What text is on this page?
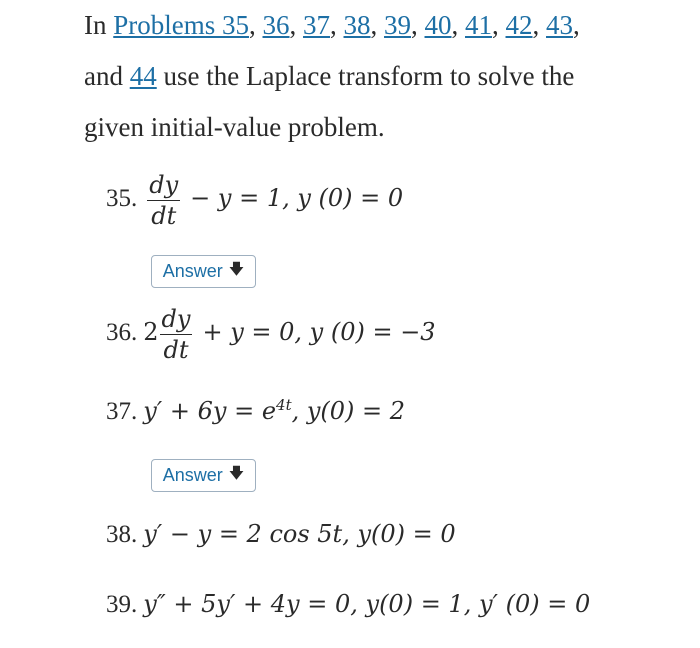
In Problems 35, 36, 37, 38, 39, 40, 41, 42, 43,
and 44 use the Laplace transform to solve the
given initial-value problem.
35. $\frac{dy}{dt} - y = 1$, y (0) = 0
Answer 🡇
36. $2 \frac{dy}{dt} + y = 0$, y (0) = −3
37. $y' + 6y = e^{4t}$, y(0) = 2
Answer 🡇
38. y′ − y = 2 cos 5t, y(0) = 0
39. y″ + 5y′ + 4y = 0, y(0) = 1, y′ (0) = 0
